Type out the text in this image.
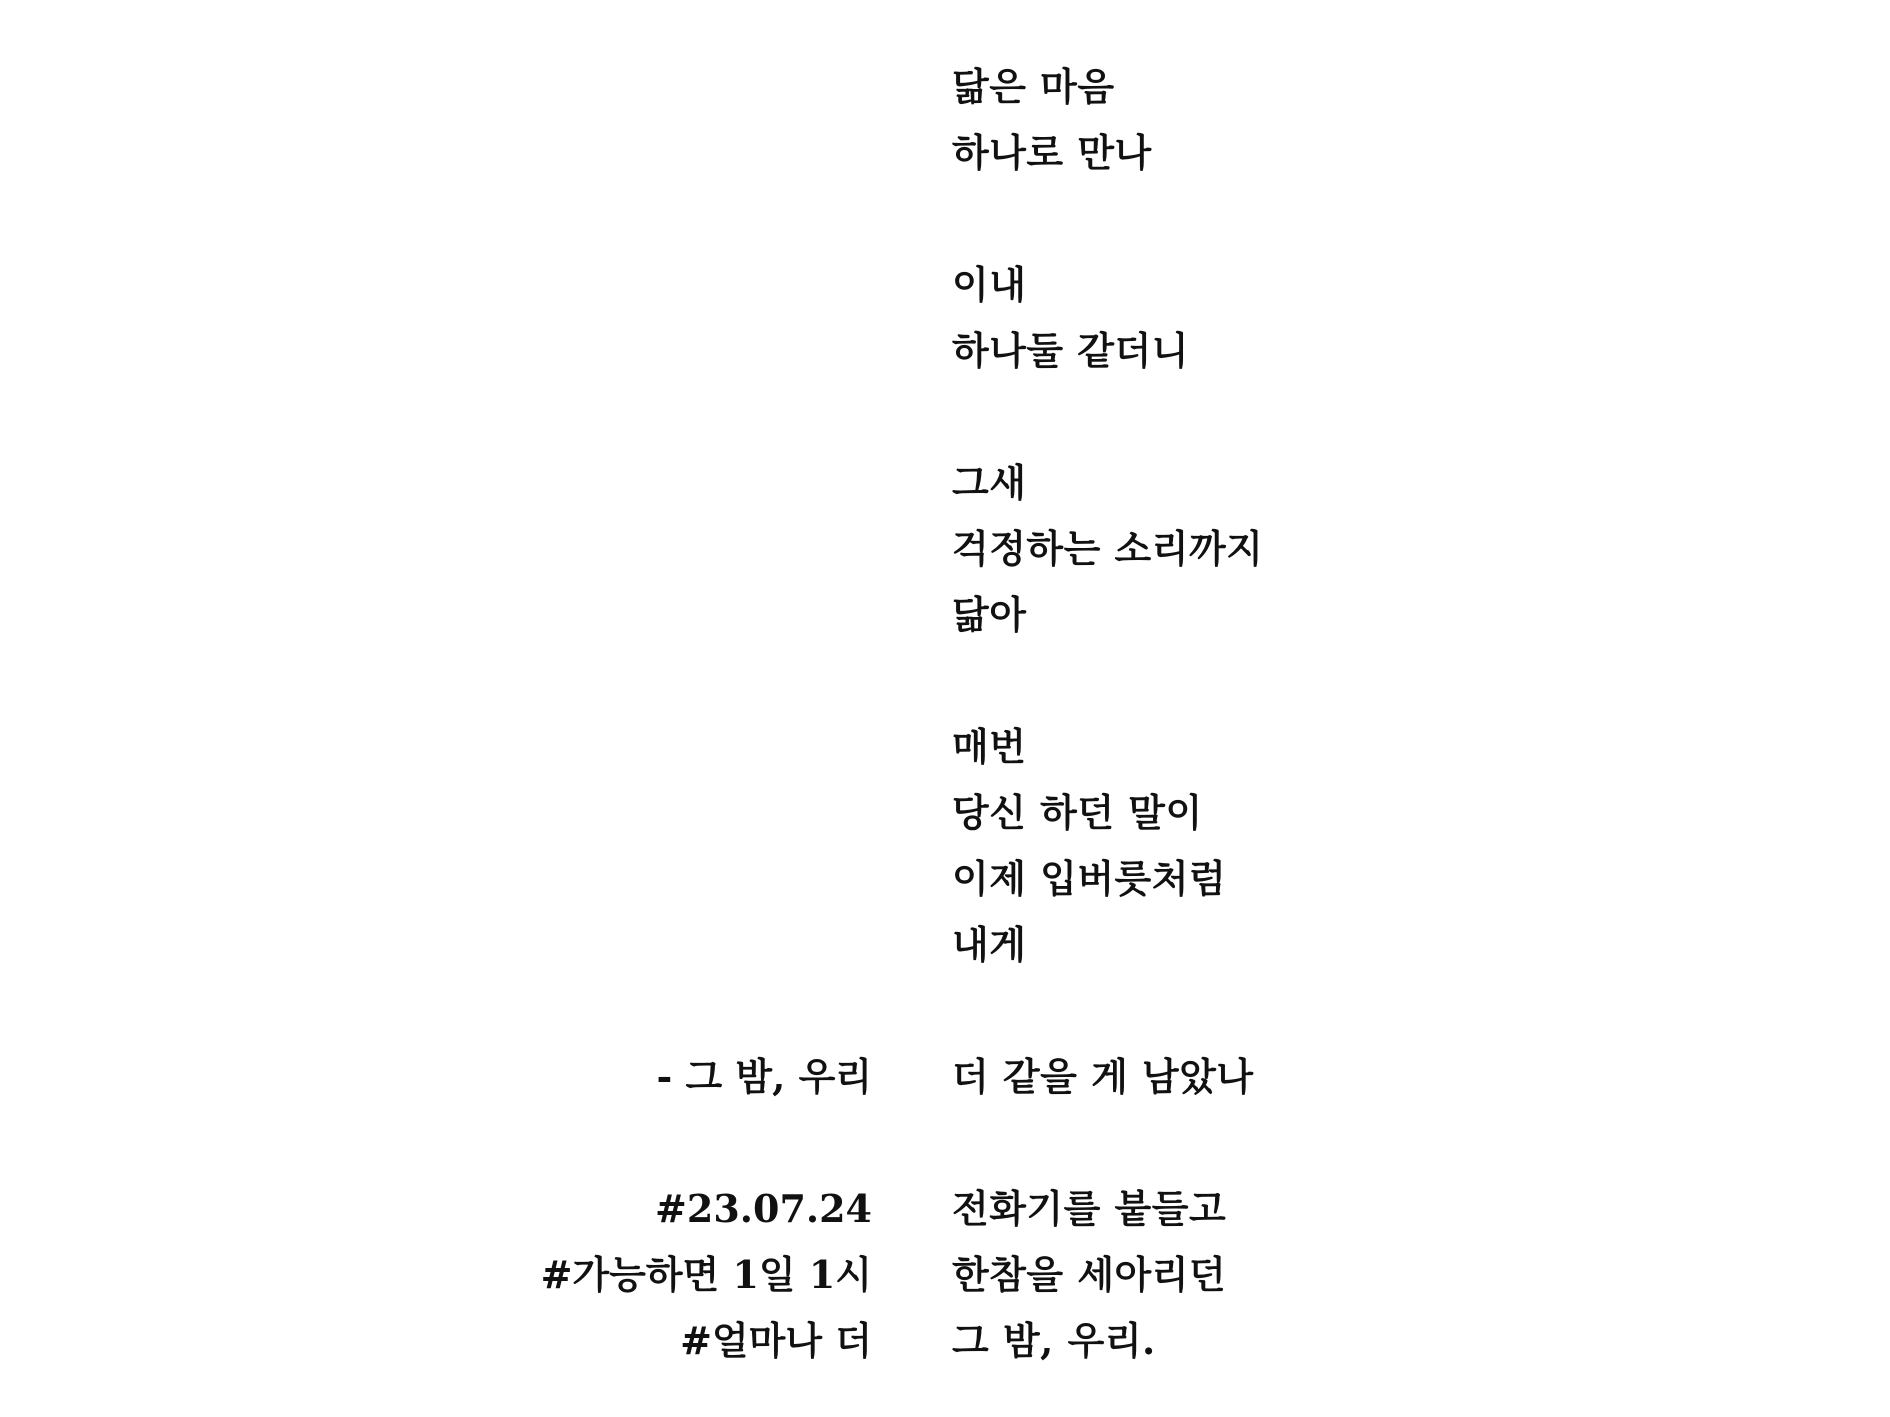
닮은 마음
하나로 만나
이내
하나둘 같더니
그새
걱정하는 소리까지
닮아
매번
당신 하던 말이
이제 입버릇처럼
내게
더 같을 게 남았나
전화기를 붙들고
한참을 세아리던
그 밤, 우리.
- 그 밤, 우리
#23.07.24
#가능하면 1일 1시
#얼마나 더
